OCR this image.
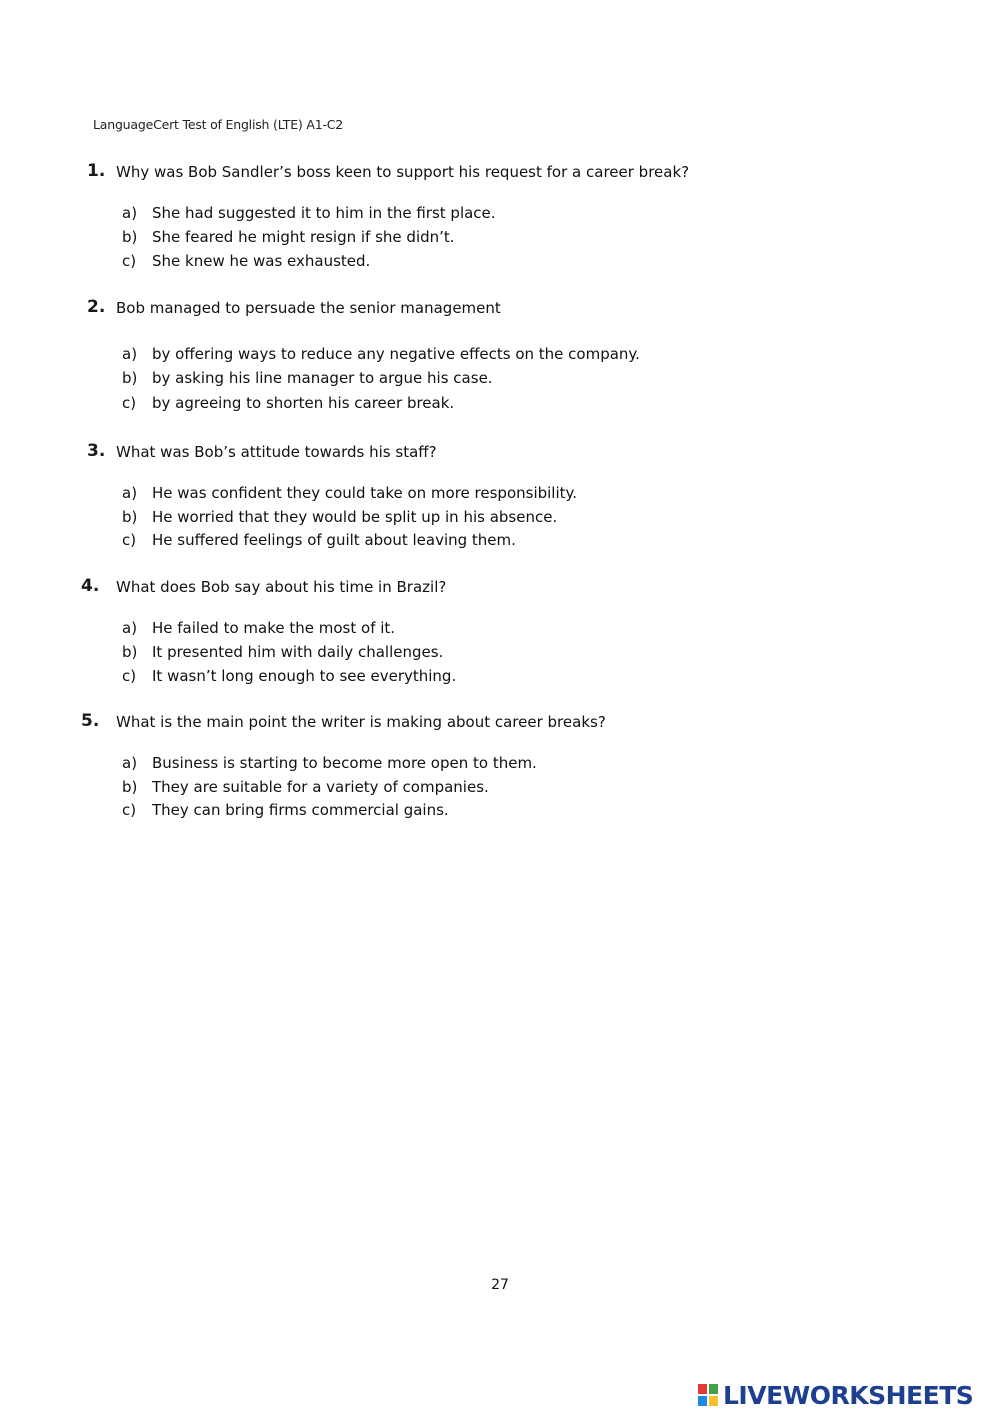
LanguageCert Test of English (LTE) A1-C2
1. Why was Bob Sandler’s boss keen to support his request for a career break?
a) She had suggested it to him in the first place.
b) She feared he might resign if she didn’t.
c) She knew he was exhausted.
2. Bob managed to persuade the senior management
a) by offering ways to reduce any negative effects on the company.
b) by asking his line manager to argue his case.
c) by agreeing to shorten his career break.
3. What was Bob’s attitude towards his staff?
a) He was confident they could take on more responsibility.
b) He worried that they would be split up in his absence.
c) He suffered feelings of guilt about leaving them.
4. What does Bob say about his time in Brazil?
a) He failed to make the most of it.
b) It presented him with daily challenges.
c) It wasn’t long enough to see everything.
5. What is the main point the writer is making about career breaks?
a) Business is starting to become more open to them.
b) They are suitable for a variety of companies.
c) They can bring firms commercial gains.
27
LIVEWORKSHEETS
